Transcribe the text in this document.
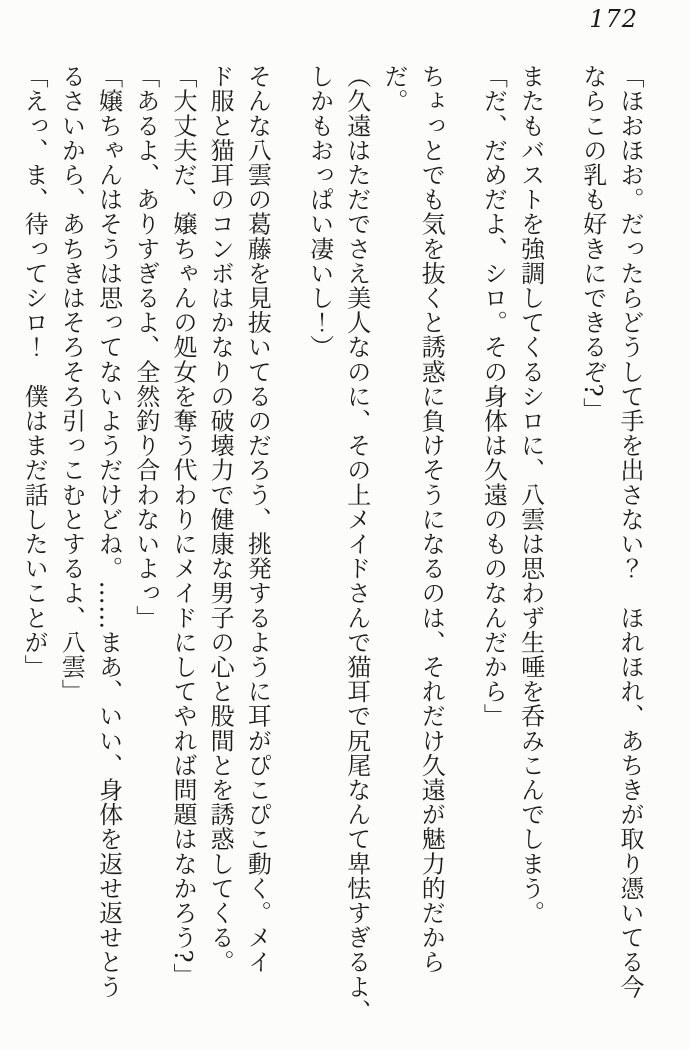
172
「ほおほお。だったらどうして手を出さない？　ほれほれ、あちきが取り憑いてる今
ならこの乳も好きにできるぞ?」
またもバストを強調してくるシロに、八雲は思わず生唾を呑みこんでしまう。
「だ、だめだよ、シロ。その身体は久遠のものなんだから」
ちょっとでも気を抜くと誘惑に負けそうになるのは、それだけ久遠が魅力的だから
だ。
（久遠はただでさえ美人なのに、その上メイドさんで猫耳で尻尾なんて卑怯すぎるよ、
しかもおっぱい凄いし！）
そんな八雲の葛藤を見抜いてるのだろう、挑発するように耳がぴこぴこ動く。メイ
ド服と猫耳のコンボはかなりの破壊力で健康な男子の心と股間とを誘惑してくる。
「大丈夫だ、嬢ちゃんの処女を奪う代わりにメイドにしてやれば問題はなかろう?」
「あるよ、ありすぎるよ、全然釣り合わないよっ」
「嬢ちゃんはそうは思ってないようだけどね。……まあ、いい、身体を返せ返せとう
るさいから、あちきはそろそろ引っこむとするよ、八雲」
「えっ、ま、待ってシロ！　僕はまだ話したいことが」
